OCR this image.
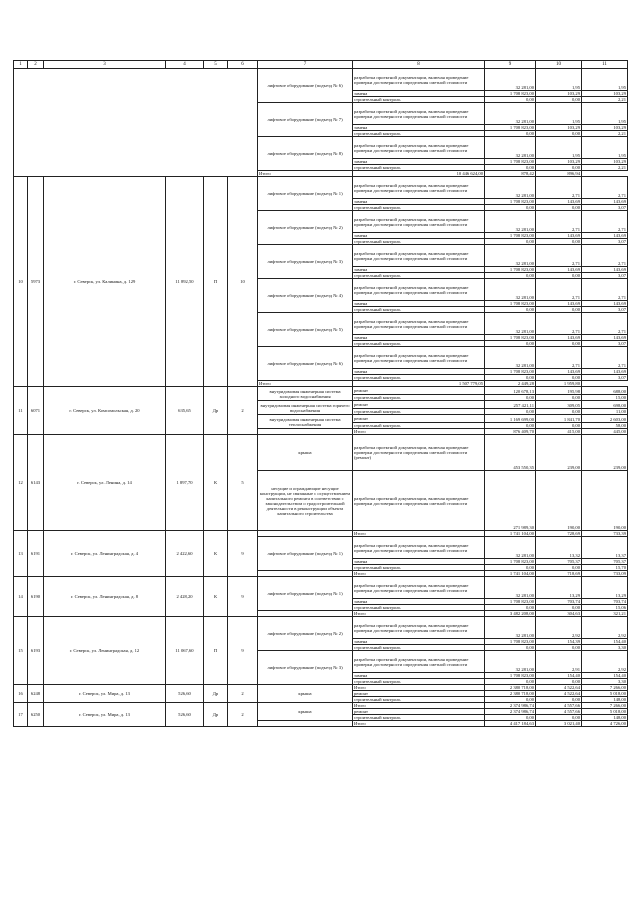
1	2	3	4	5	6	7	8	9	10	11
						лифтовое оборудование (подъезд № 6)	разработка проектной документации, включая проведение проверки достоверности определения сметной стоимости	32 281,00	1,95	1,95
							замена	1 708 823,00	103,29	103,29
							строительный контроль	0,00	0,00	2,21
						лифтовое оборудование (подъезд № 7)	разработка проектной документации, включая проведение проверки достоверности определения сметной стоимости	32 281,00	1,95	1,95
							замена	1 708 823,00	103,29	103,29
							строительный контроль	0,00	0,00	2,21
						лифтовое оборудование (подъезд № 8)	разработка проектной документации, включая проведение проверки достоверности определения сметной стоимости	32 281,00	1,95	1,95
							замена	1 708 823,00	103,29	103,29
							строительный контроль	0,00	0,00	2,21
						Итого	10 446 624,00	878,42	896,94	
10	5973	г. Северск, ул. Калинина, д. 129	11 892,50	П	10	лифтовое оборудование (подъезд № 1)	разработка проектной документации, включая проведение проверки достоверности определения сметной стоимости	32 281,00	2,71	2,71
							замена	1 708 823,00	143,69	143,69
							строительный контроль	0,00	0,00	3,07
						лифтовое оборудование (подъезд № 2)	разработка проектной документации, включая проведение проверки достоверности определения сметной стоимости	32 281,00	2,71	2,71
							замена	1 708 823,00	143,69	143,69
							строительный контроль	0,00	0,00	3,07
						лифтовое оборудование (подъезд № 3)	разработка проектной документации, включая проведение проверки достоверности определения сметной стоимости	32 281,00	2,71	2,71
							замена	1 708 823,00	143,69	143,69
							строительный контроль	0,00	0,00	3,07
						лифтовое оборудование (подъезд № 4)	разработка проектной документации, включая проведение проверки достоверности определения сметной стоимости	32 281,00	2,71	2,71
							замена	1 708 823,00	143,69	143,69
							строительный контроль	0,00	0,00	3,07
						лифтовое оборудование (подъезд № 5)	разработка проектной документации, включая проведение проверки достоверности определения сметной стоимости	32 281,00	2,71	2,71
							замена	1 708 823,00	143,69	143,69
							строительный контроль	0,00	0,00	3,07
						лифтовое оборудование (подъезд № 6)	разработка проектной документации, включая проведение проверки достоверности определения сметной стоимости	32 281,00	2,71	2,71
							замена	1 708 823,00	143,69	143,69
							строительный контроль	0,00	0,00	3,07
						Итого	1 507 779,05	2 449,28	1 959,80	
11	6071	г. Северск, ул. Комсомольская, д. 20	635,65	Др	2	внутридомовая инженерная система холодного водоснабжения	ремонт	120 678,13	195,98	688,00
							строительный контроль	0,00	0,00	15,00
						внутридомовая инженерная система горячего водоснабжения	ремонт	257 421,11	309,05	698,00
							строительный контроль	0,00	0,00	11,00
						внутридомовая инженерная система теплоснабжения	ремонт	1 169 699,00	1 841,70	2 603,00
							строительный контроль	0,00	0,00	58,00
							Итого	876 409,70	415,00	445,00
12	6143	г. Северск, ул. Ленина, д. 14	1 897,70	К	5	крыша	разработка проектной документации, включая проведение проверки достоверности определения сметной стоимости (ремонт)	453 550,35	239,00	239,00
						несущие и ограждающие несущие конструкции, не связанные с осуществлением капитального ремонта в соответствии с законодательством о градостроительной деятельности в реконструкции объекта капитального строительства	разработка проектной документации, включая проведение проверки достоверности определения сметной стоимости	271 989,30	190,00	190,00
13	6191	г. Северск, ул. Ленинградская, д. 4	2 422,60	К	9		Итого	1 741 104,00	728,69	733,39
						лифтовое оборудование (подъезд № 1)	разработка проектной документации, включая проведение проверки достоверности определения сметной стоимости	32 281,00	13,32	13,37
							замена	1 708 823,00	705,37	705,37
							строительный контроль	0,00	0,00	15,70
							Итого	1 741 104,00	718,69	733,09
14	6190	г. Северск, ул. Ленинградская, д. 8	2 428,20	К	9	лифтовое оборудование (подъезд № 1)	разработка проектной документации, включая проведение проверки достоверности определения сметной стоимости	32 281,00	13,29	13,29
							замена	1 708 823,00	703,74	703,74
							строительный контроль	0,00	0,00	15,06
							Итого	3 482 208,00	304,63	321,21
15	6193	г. Северск, ул. Ленинградская, д. 12	11 067,60	П	9	лифтовое оборудование (подъезд № 2)	разработка проектной документации, включая проведение проверки достоверности определения сметной стоимости	32 281,00	2,92	2,92
							замена	1 708 823,00	154,39	154,40
							строительный контроль	0,00	0,00	3,30
						лифтовое оборудование (подъезд № 3)	разработка проектной документации, включая проведение проверки достоверности определения сметной стоимости	32 281,00	2,91	2,92
							замена	1 708 823,00	154,40	154,40
							строительный контроль	0,00	0,00	3,30
16	6248	г. Северск, ул. Мира, д. 13	526,60	Др	2	крыша	Итого	2 380 718,00	4 522,64	7 266,00
							ремонт	2 380 718,00	4 522,64	5 018,00
							строительный контроль	0,00	0,00	148,00
17	6250	г. Северск, ул. Мира, д. 13	526,60	Др	2	крыша	Итого	2 374 986,74	4 557,66	7 266,00
							ремонт	2 374 986,74	4 557,66	5 018,00
							строительный контроль	0,00	0,00	148,00
							Итого	4 417 184,63	3 021,40	4 726,00
